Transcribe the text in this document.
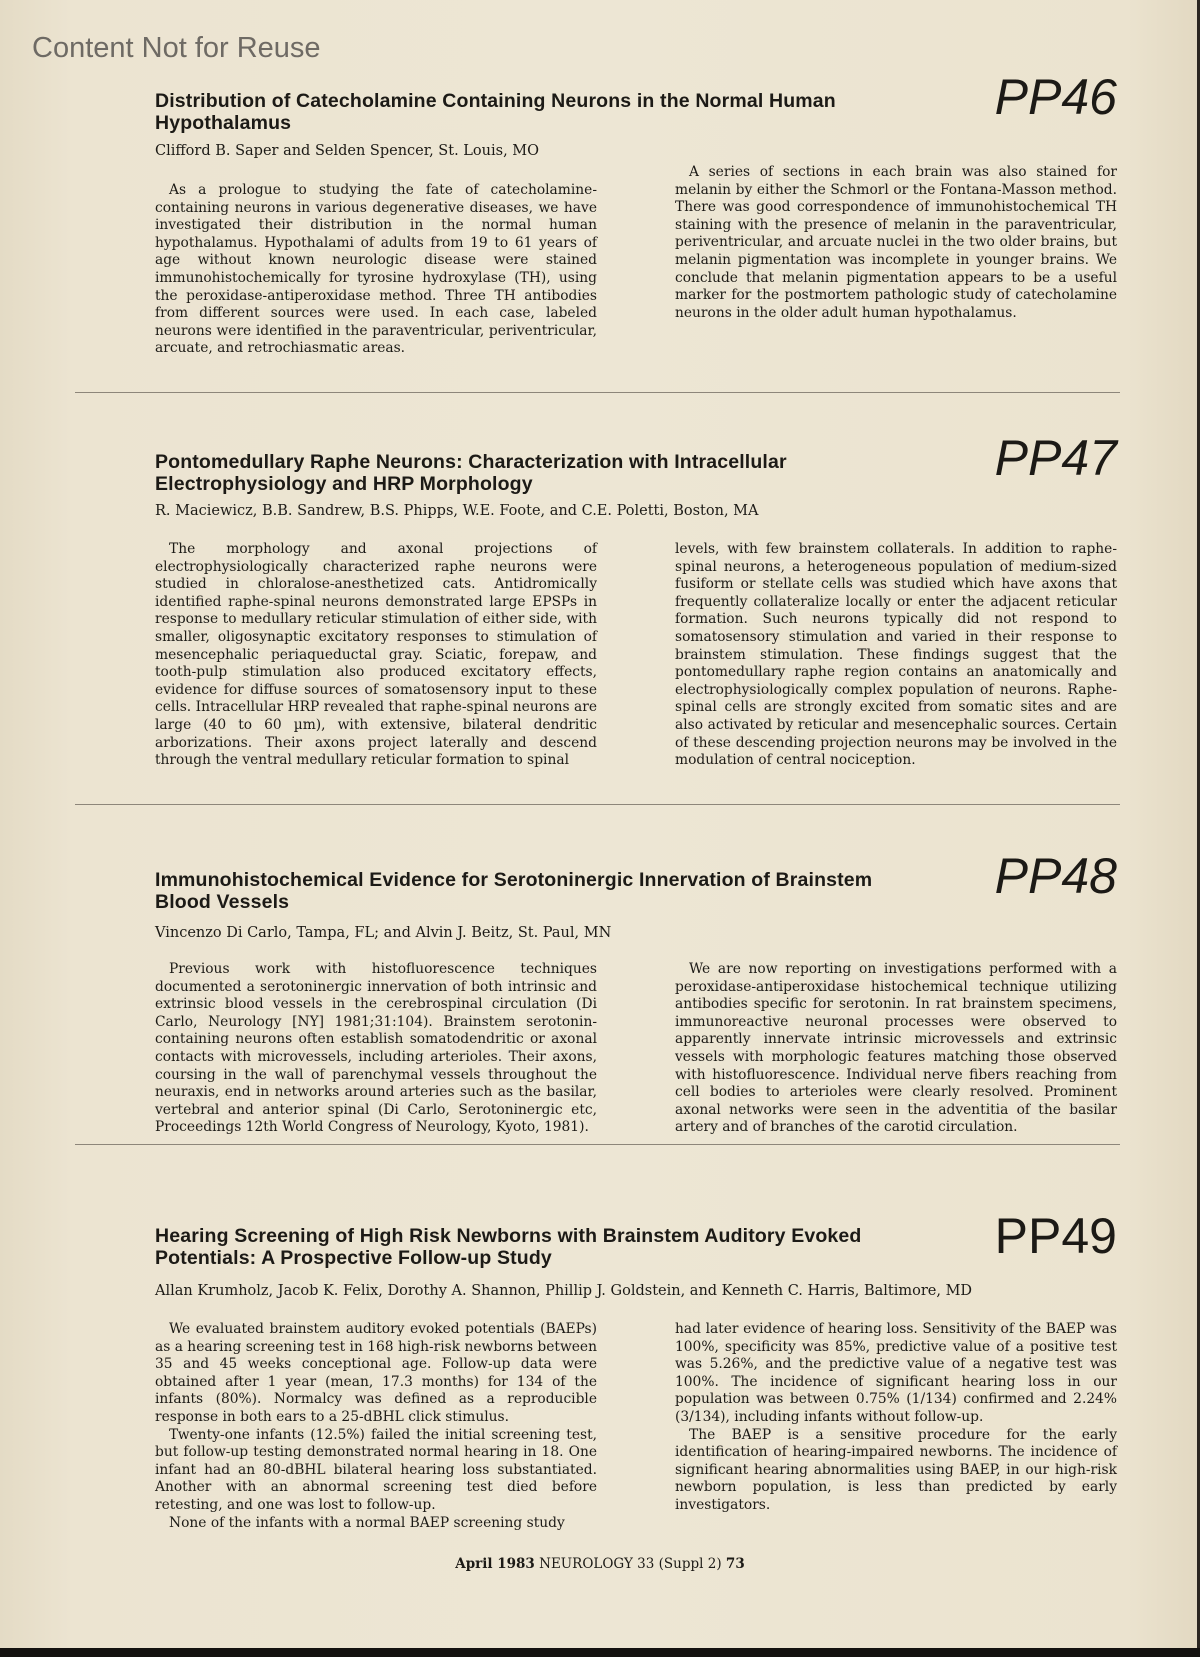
Content Not for Reuse
PP46
Distribution of Catecholamine Containing Neurons in the Normal Human Hypothalamus

Clifford B. Saper and Selden Spencer, St. Louis, MO

As a prologue to studying the fate of catecholamine-containing neurons in various degenerative diseases, we have investigated their distribution in the normal human hypothalamus. Hypothalami of adults from 19 to 61 years of age without known neurologic disease were stained immunohistochemically for tyrosine hydroxylase (TH), using the peroxidase-antiperoxidase method. Three TH antibodies from different sources were used. In each case, labeled neurons were identified in the paraventricular, periventricular, arcuate, and retrochiasmatic areas.

A series of sections in each brain was also stained for melanin by either the Schmorl or the Fontana-Masson method. There was good correspondence of immunohistochemical TH staining with the presence of melanin in the paraventricular, periventricular, and arcuate nuclei in the two older brains, but melanin pigmentation was incomplete in younger brains. We conclude that melanin pigmentation appears to be a useful marker for the postmortem pathologic study of catecholamine neurons in the older adult human hypothalamus.

PP47
Pontomedullary Raphe Neurons: Characterization with Intracellular Electrophysiology and HRP Morphology

R. Maciewicz, B.B. Sandrew, B.S. Phipps, W.E. Foote, and C.E. Poletti, Boston, MA

The morphology and axonal projections of electrophysiologically characterized raphe neurons were studied in chloralose-anesthetized cats. Antidromically identified raphe-spinal neurons demonstrated large EPSPs in response to medullary reticular stimulation of either side, with smaller, oligosynaptic excitatory responses to stimulation of mesencephalic periaqueductal gray. Sciatic, forepaw, and tooth-pulp stimulation also produced excitatory effects, evidence for diffuse sources of somatosensory input to these cells. Intracellular HRP revealed that raphe-spinal neurons are large (40 to 60 µm), with extensive, bilateral dendritic arborizations. Their axons project laterally and descend through the ventral medullary reticular formation to spinal

levels, with few brainstem collaterals. In addition to raphe-spinal neurons, a heterogeneous population of medium-sized fusiform or stellate cells was studied which have axons that frequently collateralize locally or enter the adjacent reticular formation. Such neurons typically did not respond to somatosensory stimulation and varied in their response to brainstem stimulation. These findings suggest that the pontomedullary raphe region contains an anatomically and electrophysiologically complex population of neurons. Raphe-spinal cells are strongly excited from somatic sites and are also activated by reticular and mesencephalic sources. Certain of these descending projection neurons may be involved in the modulation of central nociception.

PP48
Immunohistochemical Evidence for Serotoninergic Innervation of Brainstem Blood Vessels

Vincenzo Di Carlo, Tampa, FL; and Alvin J. Beitz, St. Paul, MN

Previous work with histofluorescence techniques documented a serotoninergic innervation of both intrinsic and extrinsic blood vessels in the cerebrospinal circulation (Di Carlo, Neurology [NY] 1981;31:104). Brainstem serotonin-containing neurons often establish somatodendritic or axonal contacts with microvessels, including arterioles. Their axons, coursing in the wall of parenchymal vessels throughout the neuraxis, end in networks around arteries such as the basilar, vertebral and anterior spinal (Di Carlo, Serotoninergic etc, Proceedings 12th World Congress of Neurology, Kyoto, 1981).

We are now reporting on investigations performed with a peroxidase-antiperoxidase histochemical technique utilizing antibodies specific for serotonin. In rat brainstem specimens, immunoreactive neuronal processes were observed to apparently innervate intrinsic microvessels and extrinsic vessels with morphologic features matching those observed with histofluorescence. Individual nerve fibers reaching from cell bodies to arterioles were clearly resolved. Prominent axonal networks were seen in the adventitia of the basilar artery and of branches of the carotid circulation.

PP49
Hearing Screening of High Risk Newborns with Brainstem Auditory Evoked Potentials: A Prospective Follow-up Study

Allan Krumholz, Jacob K. Felix, Dorothy A. Shannon, Phillip J. Goldstein, and Kenneth C. Harris, Baltimore, MD

We evaluated brainstem auditory evoked potentials (BAEPs) as a hearing screening test in 168 high-risk newborns between 35 and 45 weeks conceptional age. Follow-up data were obtained after 1 year (mean, 17.3 months) for 134 of the infants (80%). Normalcy was defined as a reproducible response in both ears to a 25-dBHL click stimulus.

Twenty-one infants (12.5%) failed the initial screening test, but follow-up testing demonstrated normal hearing in 18. One infant had an 80-dBHL bilateral hearing loss substantiated. Another with an abnormal screening test died before retesting, and one was lost to follow-up.

None of the infants with a normal BAEP screening study

had later evidence of hearing loss. Sensitivity of the BAEP was 100%, specificity was 85%, predictive value of a positive test was 5.26%, and the predictive value of a negative test was 100%. The incidence of significant hearing loss in our population was between 0.75% (1/134) confirmed and 2.24% (3/134), including infants without follow-up.

The BAEP is a sensitive procedure for the early identification of hearing-impaired newborns. The incidence of significant hearing abnormalities using BAEP, in our high-risk newborn population, is less than predicted by early investigators.

April 1983 NEUROLOGY 33 (Suppl 2) 73
